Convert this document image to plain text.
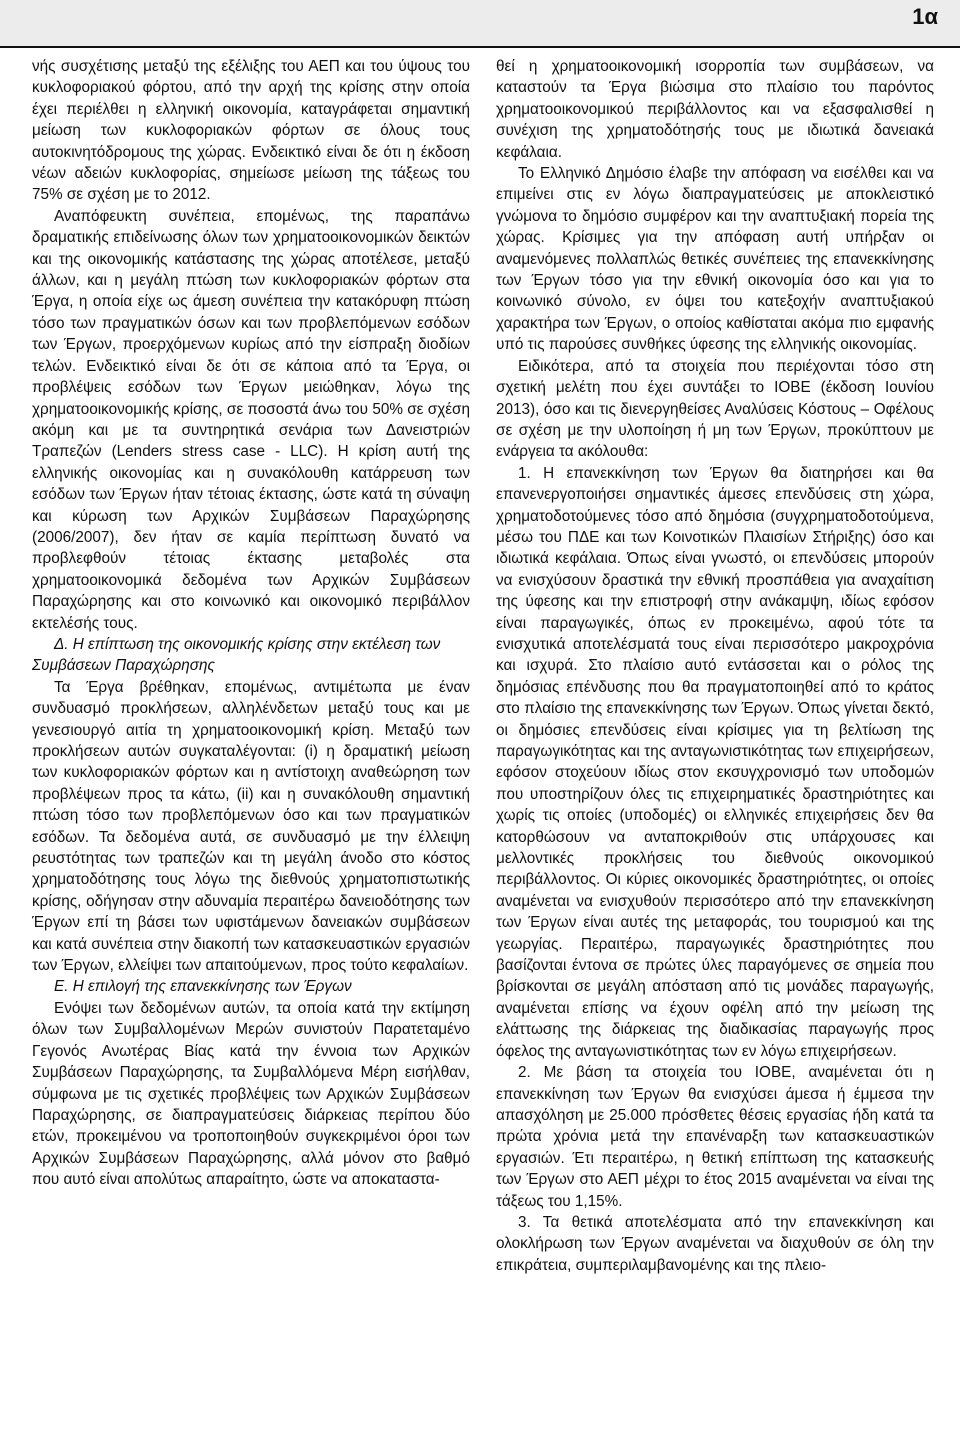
1α

νής συσχέτισης μεταξύ της εξέλιξης του ΑΕΠ και του ύψους του κυκλοφοριακού φόρτου, από την αρχή της κρίσης στην οποία έχει περιέλθει η ελληνική οικονομία, καταγράφεται σημαντική μείωση των κυκλοφοριακών φόρτων σε όλους τους αυτοκινητόδρομους της χώρας. Ενδεικτικό είναι δε ότι η έκδοση νέων αδειών κυκλοφορίας, σημείωσε μείωση της τάξεως του 75% σε σχέση με το 2012.

Αναπόφευκτη συνέπεια, επομένως, της παραπάνω δραματικής επιδείνωσης όλων των χρηματοοικονομικών δεικτών και της οικονομικής κατάστασης της χώρας αποτέλεσε, μεταξύ άλλων, και η μεγάλη πτώση των κυκλοφοριακών φόρτων στα Έργα, η οποία είχε ως άμεση συνέπεια την κατακόρυφη πτώση τόσο των πραγματικών όσων και των προβλεπόμενων εσόδων των Έργων, προερχόμενων κυρίως από την είσπραξη διοδίων τελών. Ενδεικτικό είναι δε ότι σε κάποια από τα Έργα, οι προβλέψεις εσόδων των Έργων μειώθηκαν, λόγω της χρηματοοικονομικής κρίσης, σε ποσοστά άνω του 50% σε σχέση ακόμη και με τα συντηρητικά σενάρια των Δανειστριών Τραπεζών (Lenders stress case - LLC). Η κρίση αυτή της ελληνικής οικονομίας και η συνακόλουθη κατάρρευση των εσόδων των Έργων ήταν τέτοιας έκτασης, ώστε κατά τη σύναψη και κύρωση των Αρχικών Συμβάσεων Παραχώρησης (2006/2007), δεν ήταν σε καμία περίπτωση δυνατό να προβλεφθούν τέτοιας έκτασης μεταβολές στα χρηματοοικονομικά δεδομένα των Αρχικών Συμβάσεων Παραχώρησης και στο κοινωνικό και οικονομικό περιβάλλον εκτελέσής τους.

Δ. Η επίπτωση της οικονομικής κρίσης στην εκτέλεση των Συμβάσεων Παραχώρησης

Τα Έργα βρέθηκαν, επομένως, αντιμέτωπα με έναν συνδυασμό προκλήσεων, αλληλένδετων μεταξύ τους και με γενεσιουργό αιτία τη χρηματοοικονομική κρίση. Μεταξύ των προκλήσεων αυτών συγκαταλέγονται: (i) η δραματική μείωση των κυκλοφοριακών φόρτων και η αντίστοιχη αναθεώρηση των προβλέψεων προς τα κάτω, (ii) και η συνακόλουθη σημαντική πτώση τόσο των προβλεπόμενων όσο και των πραγματικών εσόδων. Τα δεδομένα αυτά, σε συνδυασμό με την έλλειψη ρευστότητας των τραπεζών και τη μεγάλη άνοδο στο κόστος χρηματοδότησης τους λόγω της διεθνούς χρηματοπιστωτικής κρίσης, οδήγησαν στην αδυναμία περαιτέρω δανειοδότησης των Έργων επί τη βάσει των υφιστάμενων δανειακών συμβάσεων και κατά συνέπεια στην διακοπή των κατασκευαστικών εργασιών των Έργων, ελλείψει των απαιτούμενων, προς τούτο κεφαλαίων.

Ε. Η επιλογή της επανεκκίνησης των Έργων

Ενόψει των δεδομένων αυτών, τα οποία κατά την εκτίμηση όλων των Συμβαλλομένων Μερών συνιστούν Παρατεταμένο Γεγονός Ανωτέρας Βίας κατά την έννοια των Αρχικών Συμβάσεων Παραχώρησης, τα Συμβαλλόμενα Μέρη εισήλθαν, σύμφωνα με τις σχετικές προβλέψεις των Αρχικών Συμβάσεων Παραχώρησης, σε διαπραγματεύσεις διάρκειας περίπου δύο ετών, προκειμένου να τροποποιηθούν συγκεκριμένοι όροι των Αρχικών Συμβάσεων Παραχώρησης, αλλά μόνον στο βαθμό που αυτό είναι απολύτως απαραίτητο, ώστε να αποκαταστα-

θεί η χρηματοοικονομική ισορροπία των συμβάσεων, να καταστούν τα Έργα βιώσιμα στο πλαίσιο του παρόντος χρηματοοικονομικού περιβάλλοντος και να εξασφαλισθεί η συνέχιση της χρηματοδότησής τους με ιδιωτικά δανειακά κεφάλαια.

Το Ελληνικό Δημόσιο έλαβε την απόφαση να εισέλθει και να επιμείνει στις εν λόγω διαπραγματεύσεις με αποκλειστικό γνώμονα το δημόσιο συμφέρον και την αναπτυξιακή πορεία της χώρας. Κρίσιμες για την απόφαση αυτή υπήρξαν οι αναμενόμενες πολλαπλώς θετικές συνέπειες της επανεκκίνησης των Έργων τόσο για την εθνική οικονομία όσο και για το κοινωνικό σύνολο, εν όψει του κατεξοχήν αναπτυξιακού χαρακτήρα των Έργων, ο οποίος καθίσταται ακόμα πιο εμφανής υπό τις παρούσες συνθήκες ύφεσης της ελληνικής οικονομίας.

Ειδικότερα, από τα στοιχεία που περιέχονται τόσο στη σχετική μελέτη που έχει συντάξει το ΙΟΒΕ (έκδοση Ιουνίου 2013), όσο και τις διενεργηθείσες Αναλύσεις Κόστους – Οφέλους σε σχέση με την υλοποίηση ή μη των Έργων, προκύπτουν με ενάργεια τα ακόλουθα:

1. Η επανεκκίνηση των Έργων θα διατηρήσει και θα επανενεργοποιήσει σημαντικές άμεσες επενδύσεις στη χώρα, χρηματοδοτούμενες τόσο από δημόσια (συγχρηματοδοτούμενα, μέσω του ΠΔΕ και των Κοινοτικών Πλαισίων Στήριξης) όσο και ιδιωτικά κεφάλαια. Όπως είναι γνωστό, οι επενδύσεις μπορούν να ενισχύσουν δραστικά την εθνική προσπάθεια για αναχαίτιση της ύφεσης και την επιστροφή στην ανάκαμψη, ιδίως εφόσον είναι παραγωγικές, όπως εν προκειμένω, αφού τότε τα ενισχυτικά αποτελέσματά τους είναι περισσότερο μακροχρόνια και ισχυρά. Στο πλαίσιο αυτό εντάσσεται και ο ρόλος της δημόσιας επένδυσης που θα πραγματοποιηθεί από το κράτος στο πλαίσιο της επανεκκίνησης των Έργων. Όπως γίνεται δεκτό, οι δημόσιες επενδύσεις είναι κρίσιμες για τη βελτίωση της παραγωγικότητας και της ανταγωνιστικότητας των επιχειρήσεων, εφόσον στοχεύουν ιδίως στον εκσυγχρονισμό των υποδομών που υποστηρίζουν όλες τις επιχειρηματικές δραστηριότητες και χωρίς τις οποίες (υποδομές) οι ελληνικές επιχειρήσεις δεν θα κατορθώσουν να ανταποκριθούν στις υπάρχουσες και μελλοντικές προκλήσεις του διεθνούς οικονομικού περιβάλλοντος. Οι κύριες οικονομικές δραστηριότητες, οι οποίες αναμένεται να ενισχυθούν περισσότερο από την επανεκκίνηση των Έργων είναι αυτές της μεταφοράς, του τουρισμού και της γεωργίας. Περαιτέρω, παραγωγικές δραστηριότητες που βασίζονται έντονα σε πρώτες ύλες παραγόμενες σε σημεία που βρίσκονται σε μεγάλη απόσταση από τις μονάδες παραγωγής, αναμένεται επίσης να έχουν οφέλη από την μείωση της ελάττωσης της διάρκειας της διαδικασίας παραγωγής προς όφελος της ανταγωνιστικότητας των εν λόγω επιχειρήσεων.

2. Με βάση τα στοιχεία του ΙΟΒΕ, αναμένεται ότι η επανεκκίνηση των Έργων θα ενισχύσει άμεσα ή έμμεσα την απασχόληση με 25.000 πρόσθετες θέσεις εργασίας ήδη κατά τα πρώτα χρόνια μετά την επανέναρξη των κατασκευαστικών εργασιών. Έτι περαιτέρω, η θετική επίπτωση της κατασκευής των Έργων στο ΑΕΠ μέχρι το έτος 2015 αναμένεται να είναι της τάξεως του 1,15%.

3. Τα θετικά αποτελέσματα από την επανεκκίνηση και ολοκλήρωση των Έργων αναμένεται να διαχυθούν σε όλη την επικράτεια, συμπεριλαμβανομένης και της πλειο-
